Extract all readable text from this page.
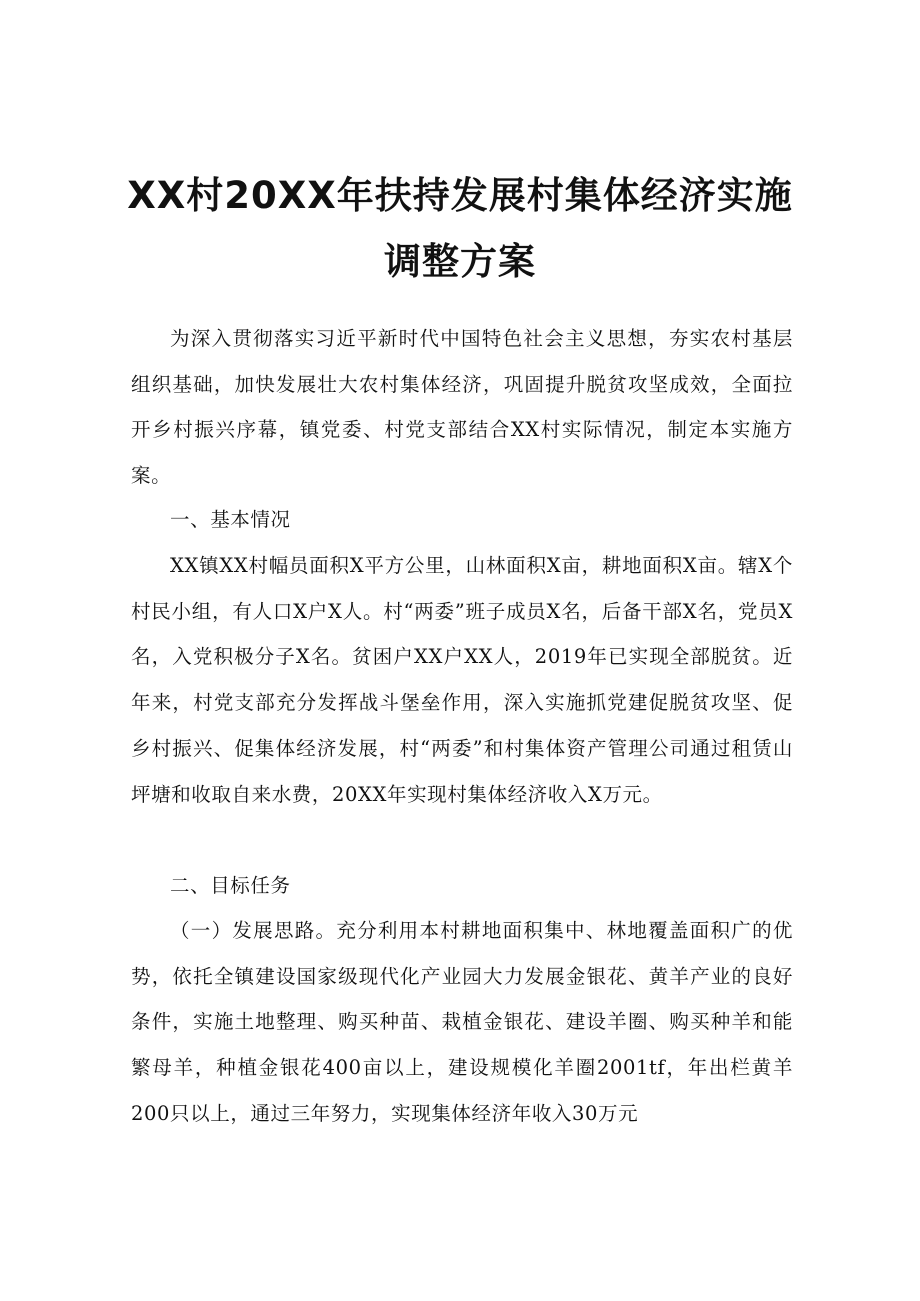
XX村20XX年扶持发展村集体经济实施
调整方案

为深入贯彻落实习近平新时代中国特色社会主义思想，夯实农村基层组织基础，加快发展壮大农村集体经济，巩固提升脱贫攻坚成效，全面拉开乡村振兴序幕，镇党委、村党支部结合XX村实际情况，制定本实施方案。

一、基本情况

XX镇XX村幅员面积X平方公里，山林面积X亩，耕地面积X亩。辖X个村民小组，有人口X户X人。村“两委”班子成员X名，后备干部X名，党员X名，入党积极分子X名。贫困户XX户XX人，2019年已实现全部脱贫。近年来，村党支部充分发挥战斗堡垒作用，深入实施抓党建促脱贫攻坚、促乡村振兴、促集体经济发展，村“两委”和村集体资产管理公司通过租赁山坪塘和收取自来水费，20XX年实现村集体经济收入X万元。

二、目标任务

（一）发展思路。充分利用本村耕地面积集中、林地覆盖面积广的优势，依托全镇建设国家级现代化产业园大力发展金银花、黄羊产业的良好条件，实施土地整理、购买种苗、栽植金银花、建设羊圈、购买种羊和能繁母羊，种植金银花400亩以上，建设规模化羊圈2001tf，年出栏黄羊200只以上，通过三年努力，实现集体经济年收入30万元
